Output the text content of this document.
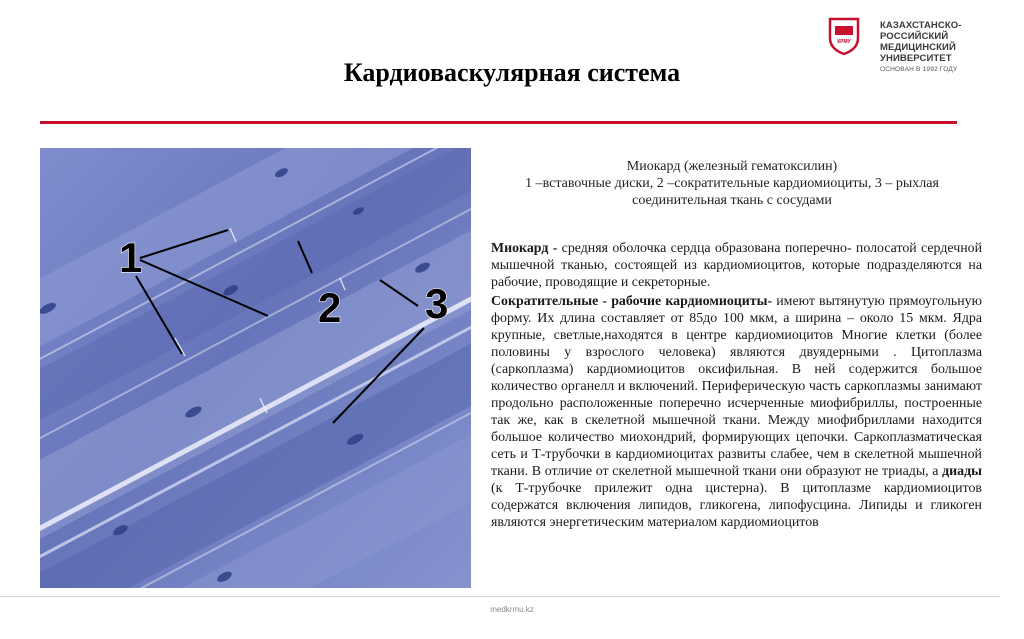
КРМУ
КАЗАХСТАНСКО-РОССИЙСКИЙ
МЕДИЦИНСКИЙ УНИВЕРСИТЕТ
ОСНОВАН В 1992 ГОДУ
Кардиоваскулярная система
1
2 3
Миокард (железный гематоксилин)
1 –вставочные диски, 2 –сократительные кардиомиоциты, 3 – рыхлая соединительная ткань с сосудами

Миокард - средняя оболочка сердца образована поперечно- полосатой сердечной мышечной тканью, состоящей из кардиомиоцитов, которые подразделяются на рабочие, проводящие и секреторные.

Сократительные - рабочие кардиомиоциты- имеют вытянутую прямоугольную форму. Их длина составляет от 85до 100 мкм, а ширина – около 15 мкм. Ядра крупные, светлые,находятся в центре кардиомиоцитов Многие клетки (более половины у взрослого человека) являются двуядерными . Цитоплазма (саркоплазма) кардиомиоцитов оксифильная. В ней содержится большое количество органелл и включений. Периферическую часть саркоплазмы занимают продольно расположенные поперечно исчерченные миофибриллы, построенные так же, как в скелетной мышечной ткани. Между миофибриллами находится большое количество миохондрий, формирующих цепочки. Саркоплазматическая сеть и Т-трубочки в кардиомиоцитах развиты слабее, чем в скелетной мышечной ткани. В отличие от скелетной мышечной ткани они образуют не триады, а диады (к Т-трубочке прилежит одна цистерна). В цитоплазме кардиомиоцитов содержатся включения липидов, гликогена, липофусцина. Липиды и гликоген являются энергетическим материалом кардиомиоцитов

medkrmu.kz
